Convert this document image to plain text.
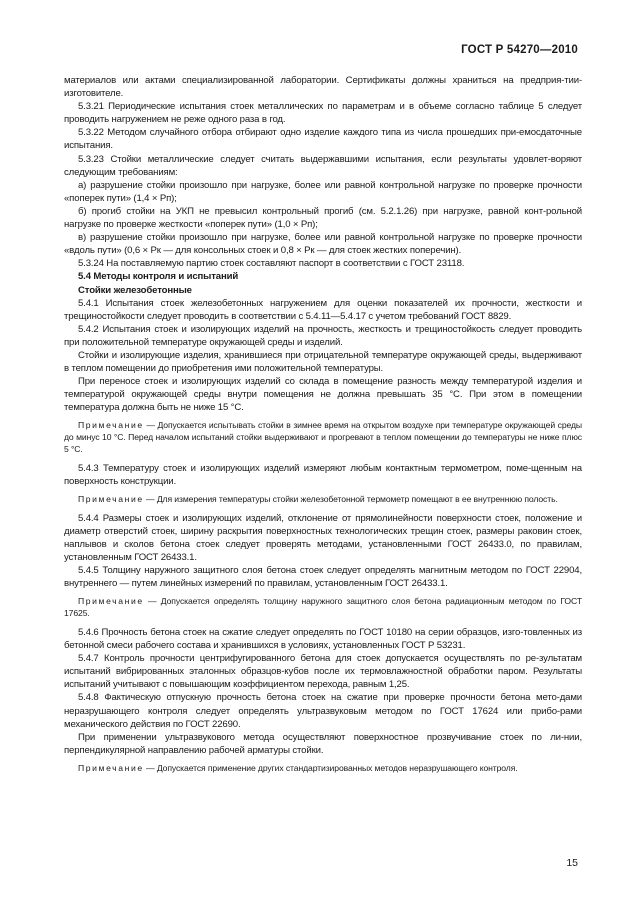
ГОСТ Р 54270—2010

материалов или актами специализированной лаборатории. Сертификаты должны храниться на предприя-тии-изготовителе.

5.3.21 Периодические испытания стоек металлических по параметрам и в объеме согласно таблице 5 следует проводить нагружением не реже одного раза в год.

5.3.22 Методом случайного отбора отбирают одно изделие каждого типа из числа прошедших при-емосдаточные испытания.

5.3.23 Стойки металлические следует считать выдержавшими испытания, если результаты удовлет-воряют следующим требованиям:

а) разрушение стойки произошло при нагрузке, более или равной контрольной нагрузке по проверке прочности «поперек пути» (1,4 × Pп);

б) прогиб стойки на УКП не превысил контрольный прогиб (см. 5.2.1.26) при нагрузке, равной конт-рольной нагрузке по проверке жесткости «поперек пути» (1,0 × Pп);

в) разрушение стойки произошло при нагрузке, более или равной контрольной нагрузке по проверке прочности «вдоль пути» (0,6 × Pк — для консольных стоек и 0,8 × Pк — для стоек жестких поперечин).

5.3.24 На поставляемую партию стоек составляют паспорт в соответствии с ГОСТ 23118.

5.4 Методы контроля и испытаний

Стойки железобетонные

5.4.1 Испытания стоек железобетонных нагружением для оценки показателей их прочности, жесткости и трещиностойкости следует проводить в соответствии с 5.4.11—5.4.17 с учетом требований ГОСТ 8829.

5.4.2 Испытания стоек и изолирующих изделий на прочность, жесткость и трещиностойкость следует проводить при положительной температуре окружающей среды и изделий.

Стойки и изолирующие изделия, хранившиеся при отрицательной температуре окружающей среды, выдерживают в теплом помещении до приобретения ими положительной температуры.

При переносе стоек и изолирующих изделий со склада в помещение разность между температурой изделия и температурой окружающей среды внутри помещения не должна превышать 35 °С. При этом в помещении температура должна быть не ниже 15 °С.

Примечание — Допускается испытывать стойки в зимнее время на открытом воздухе при температуре окружающей среды до минус 10 °С. Перед началом испытаний стойки выдерживают и прогревают в теплом помещении до температуры не ниже плюс 5 °С.

5.4.3 Температуру стоек и изолирующих изделий измеряют любым контактным термометром, поме-щенным на поверхность конструкции.

Примечание — Для измерения температуры стойки железобетонной термометр помещают в ее внутреннюю полость.

5.4.4 Размеры стоек и изолирующих изделий, отклонение от прямолинейности поверхности стоек, положение и диаметр отверстий стоек, ширину раскрытия поверхностных технологических трещин стоек, размеры раковин стоек, наплывов и сколов бетона стоек следует проверять методами, установленными ГОСТ 26433.0, по правилам, установленным ГОСТ 26433.1.

5.4.5 Толщину наружного защитного слоя бетона стоек следует определять магнитным методом по ГОСТ 22904, внутреннего — путем линейных измерений по правилам, установленным ГОСТ 26433.1.

Примечание — Допускается определять толщину наружного защитного слоя бетона радиационным методом по ГОСТ 17625.

5.4.6 Прочность бетона стоек на сжатие следует определять по ГОСТ 10180 на серии образцов, изго-товленных из бетонной смеси рабочего состава и хранившихся в условиях, установленных ГОСТ Р 53231.

5.4.7 Контроль прочности центрифугированного бетона для стоек допускается осуществлять по ре-зультатам испытаний вибрированных эталонных образцов-кубов после их термовлажностной обработки паром. Результаты испытаний учитывают с повышающим коэффициентом перехода, равным 1,25.

5.4.8 Фактическую отпускную прочность бетона стоек на сжатие при проверке прочности бетона мето-дами неразрушающего контроля следует определять ультразвуковым методом по ГОСТ 17624 или прибо-рами механического действия по ГОСТ 22690.

При применении ультразвукового метода осуществляют поверхностное прозвучивание стоек по ли-нии, перпендикулярной направлению рабочей арматуры стойки.

Примечание — Допускается применение других стандартизированных методов неразрушающего контроля.

15
